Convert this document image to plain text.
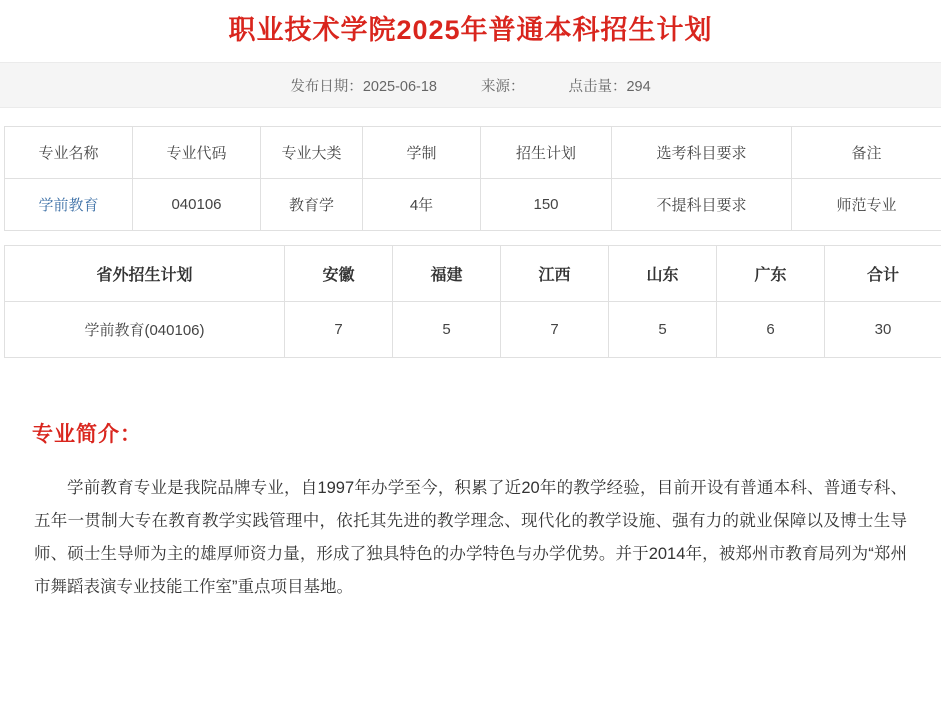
职业技术学院2025年普通本科招生计划
发布日期：2025-06-18	来源：	点击量：294
专业名称	专业代码	专业大类	学制	招生计划	选考科目要求	备注
学前教育	040106	教育学	4年	150	不提科目要求	师范专业
省外招生计划	安徽	福建	江西	山东	广东	合计
学前教育(040106)	7	5	7	5	6	30
专业简介：

学前教育专业是我院品牌专业，自1997年办学至今，积累了近20年的教学经验，目前开设有普通本科、普通专科、五年一贯制大专在教育教学实践管理中，依托其先进的教学理念、现代化的教学设施、强有力的就业保障以及博士生导师、硕士生导师为主的雄厚师资力量，形成了独具特色的办学特色与办学优势。并于2014年，被郑州市教育局列为“郑州市舞蹈表演专业技能工作室”重点项目基地。
